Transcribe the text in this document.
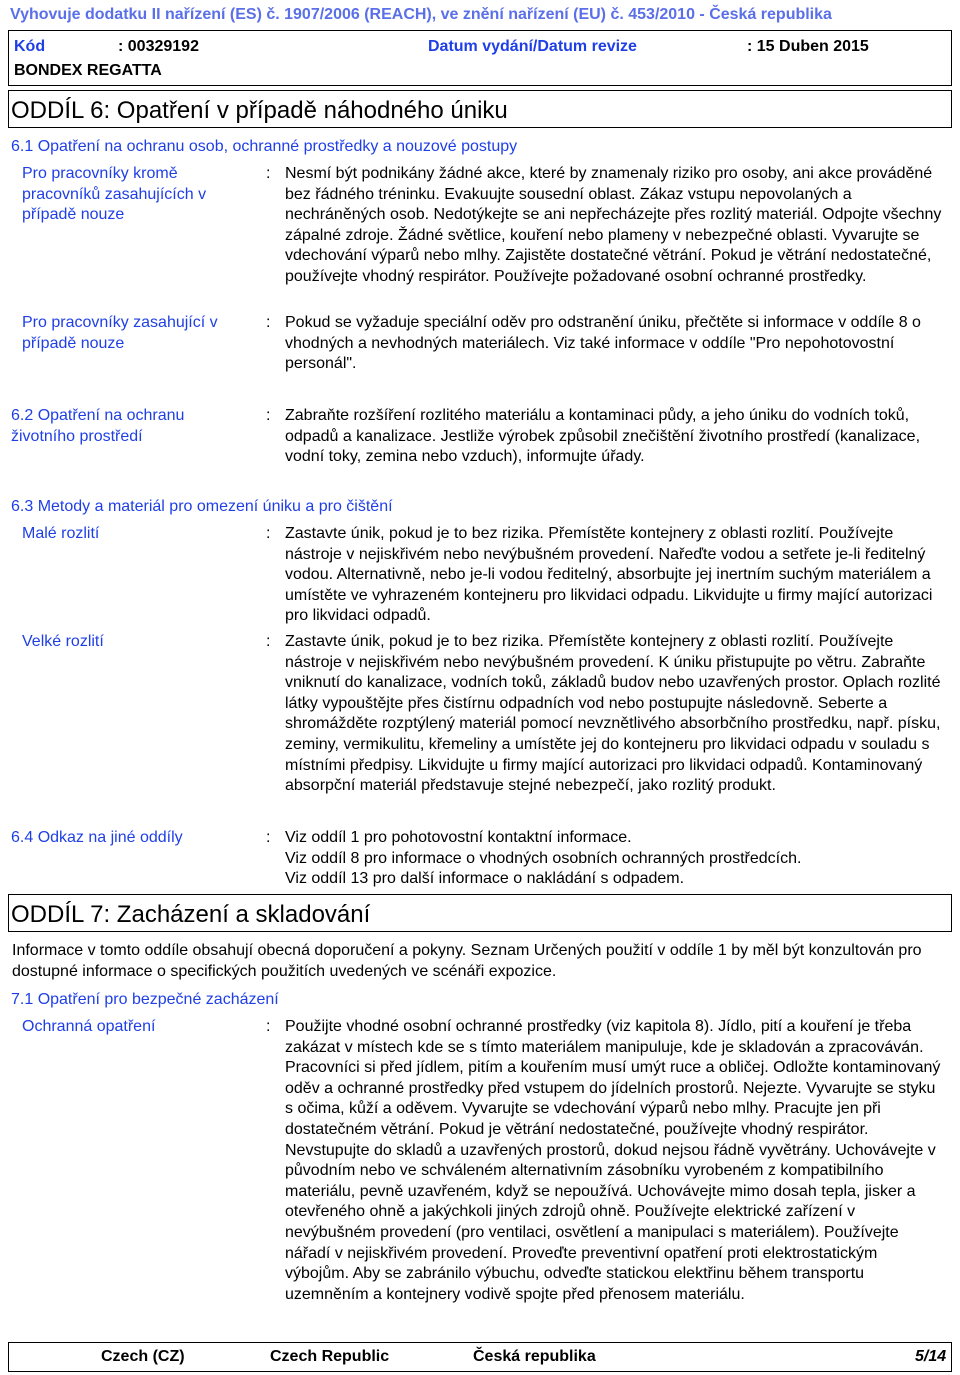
Vyhovuje dodatku II nařízení (ES) č. 1907/2006 (REACH), ve znění nařízení (EU) č. 453/2010 - Česká republika
Kód	: 00329192	Datum vydání/Datum revize	: 15 Duben 2015
BONDEX REGATTA
ODDÍL 6: Opatření v případě náhodného úniku
6.1 Opatření na ochranu osob, ochranné prostředky a nouzové postupy
Pro pracovníky kromě pracovníků zasahujících v případě nouze
: Nesmí být podnikány žádné akce, které by znamenaly riziko pro osoby, ani akce prováděné bez řádného tréninku. Evakuujte sousední oblast. Zákaz vstupu nepovolaných a nechráněných osob. Nedotýkejte se ani nepřecházejte přes rozlitý materiál. Odpojte všechny zápalné zdroje. Žádné světlice, kouření nebo plameny v nebezpečné oblasti. Vyvarujte se vdechování výparů nebo mlhy. Zajistěte dostatečné větrání. Pokud je větrání nedostatečné, používejte vhodný respirátor. Používejte požadované osobní ochranné prostředky.
Pro pracovníky zasahující v případě nouze
: Pokud se vyžaduje speciální oděv pro odstranění úniku, přečtěte si informace v oddíle 8 o vhodných a nevhodných materiálech. Viz také informace v oddíle "Pro nepohotovostní personál".
6.2 Opatření na ochranu životního prostředí
: Zabraňte rozšíření rozlitého materiálu a kontaminaci půdy, a jeho úniku do vodních toků, odpadů a kanalizace. Jestliže výrobek způsobil znečištění životního prostředí (kanalizace, vodní toky, zemina nebo vzduch), informujte úřady.
6.3 Metody a materiál pro omezení úniku a pro čištění
Malé rozlití	: Zastavte únik, pokud je to bez rizika. Přemístěte kontejnery z oblasti rozlití. Používejte nástroje v nejiskřivém nebo nevýbušném provedení. Nařeďte vodou a setřete je-li ředitelný vodou. Alternativně, nebo je-li vodou ředitelný, absorbujte jej inertním suchým materiálem a umístěte ve vyhrazeném kontejneru pro likvidaci odpadu. Likvidujte u firmy mající autorizaci pro likvidaci odpadů.
Velké rozlití	: Zastavte únik, pokud je to bez rizika. Přemístěte kontejnery z oblasti rozlití. Používejte nástroje v nejiskřivém nebo nevýbušném provedení. K úniku přistupujte po větru. Zabraňte vniknutí do kanalizace, vodních toků, základů budov nebo uzavřených prostor. Oplach rozlité látky vypouštějte přes čistírnu odpadních vod nebo postupujte následovně. Seberte a shromážděte rozptýlený materiál pomocí nevznětlivého absorbčního prostředku, např. písku, zeminy, vermikulitu, křemeliny a umístěte jej do kontejneru pro likvidaci odpadu v souladu s místními předpisy. Likvidujte u firmy mající autorizaci pro likvidaci odpadů. Kontaminovaný absorpční materiál představuje stejné nebezpečí, jako rozlitý produkt.
6.4 Odkaz na jiné oddíly	: Viz oddíl 1 pro pohotovostní kontaktní informace.
Viz oddíl 8 pro informace o vhodných osobních ochranných prostředcích.
Viz oddíl 13 pro další informace o nakládání s odpadem.
ODDÍL 7: Zacházení a skladování
Informace v tomto oddíle obsahují obecná doporučení a pokyny. Seznam Určených použití v oddíle 1 by měl být konzultován pro dostupné informace o specifických použitích uvedených ve scénáři expozice.
7.1 Opatření pro bezpečné zacházení
Ochranná opatření	: Použijte vhodné osobní ochranné prostředky (viz kapitola 8). Jídlo, pití a kouření je třeba zakázat v místech kde se s tímto materiálem manipuluje, kde je skladován a zpracováván. Pracovníci si před jídlem, pitím a kouřením musí umýt ruce a obličej. Odložte kontaminovaný oděv a ochranné prostředky před vstupem do jídelních prostorů. Nejezte. Vyvarujte se styku s očima, kůží a oděvem. Vyvarujte se vdechování výparů nebo mlhy. Pracujte jen při dostatečném větrání. Pokud je větrání nedostatečné, používejte vhodný respirátor. Nevstupujte do skladů a uzavřených prostorů, dokud nejsou řádně vyvětrány. Uchovávejte v původním nebo ve schváleném alternativním zásobníku vyrobeném z kompatibilního materiálu, pevně uzavřeném, když se nepoužívá. Uchovávejte mimo dosah tepla, jisker a otevřeného ohně a jakýchkoli jiných zdrojů ohně. Používejte elektrické zařízení v nevýbušném provedení (pro ventilaci, osvětlení a manipulaci s materiálem). Používejte nářadí v nejiskřivém provedení. Proveďte preventivní opatření proti elektrostatickým výbojům. Aby se zabránilo výbuchu, odveďte statickou elektřinu během transportu uzemněním a kontejnery vodivě spojte před přenosem materiálu.
Czech (CZ)	Czech Republic	Česká republika	5/14
